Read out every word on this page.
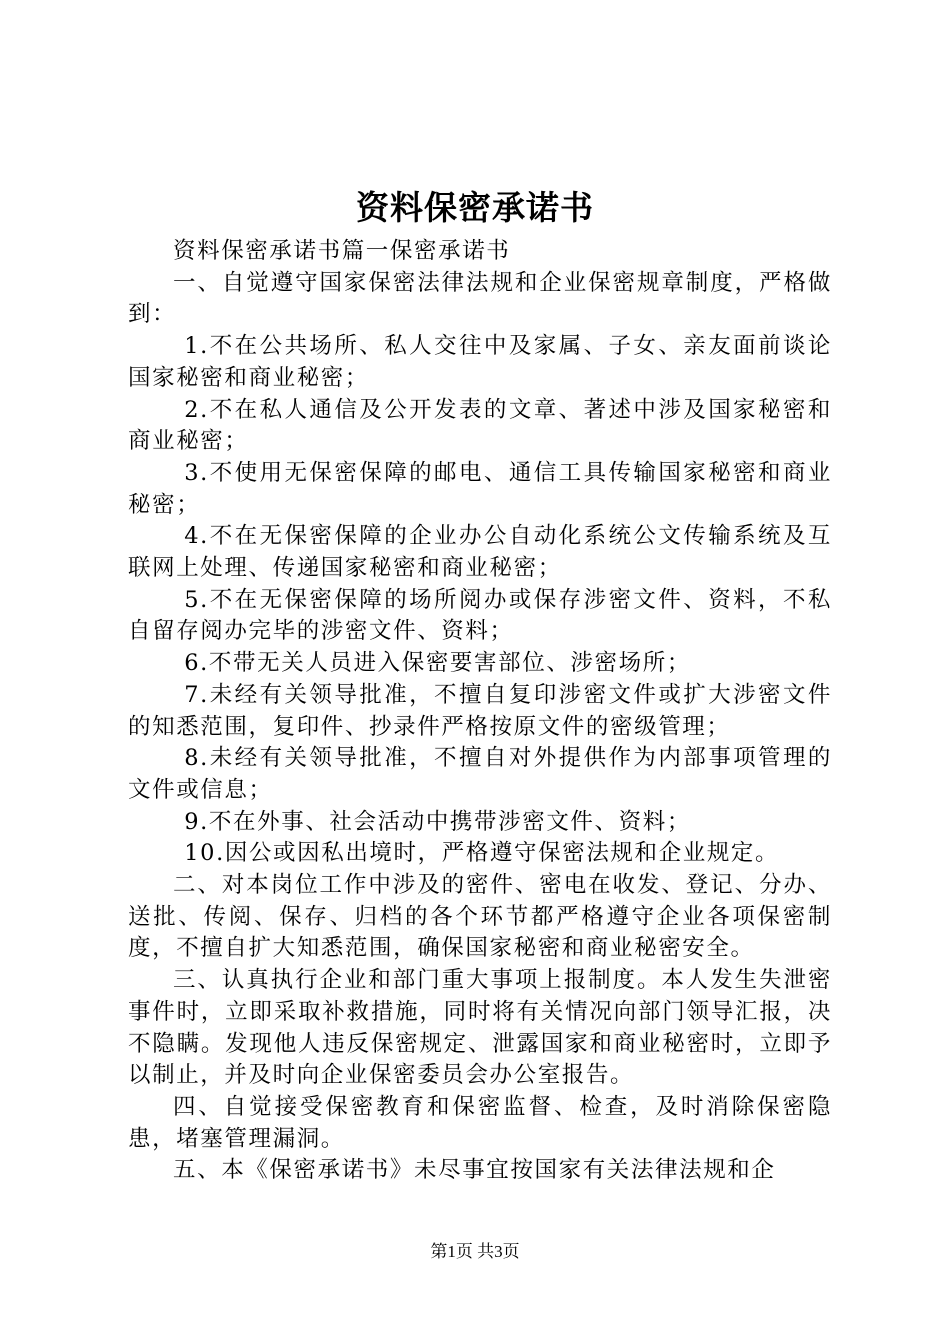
资料保密承诺书

资料保密承诺书篇一保密承诺书

一、自觉遵守国家保密法律法规和企业保密规章制度，严格做到：

1.不在公共场所、私人交往中及家属、子女、亲友面前谈论国家秘密和商业秘密；

2.不在私人通信及公开发表的文章、著述中涉及国家秘密和商业秘密；

3.不使用无保密保障的邮电、通信工具传输国家秘密和商业秘密；

4.不在无保密保障的企业办公自动化系统公文传输系统及互联网上处理、传递国家秘密和商业秘密；

5.不在无保密保障的场所阅办或保存涉密文件、资料，不私自留存阅办完毕的涉密文件、资料；

6.不带无关人员进入保密要害部位、涉密场所；

7.未经有关领导批准，不擅自复印涉密文件或扩大涉密文件的知悉范围，复印件、抄录件严格按原文件的密级管理；

8.未经有关领导批准，不擅自对外提供作为内部事项管理的文件或信息；

9.不在外事、社会活动中携带涉密文件、资料；

10.因公或因私出境时，严格遵守保密法规和企业规定。

二、对本岗位工作中涉及的密件、密电在收发、登记、分办、送批、传阅、保存、归档的各个环节都严格遵守企业各项保密制度，不擅自扩大知悉范围，确保国家秘密和商业秘密安全。

三、认真执行企业和部门重大事项上报制度。本人发生失泄密事件时，立即采取补救措施，同时将有关情况向部门领导汇报，决不隐瞒。发现他人违反保密规定、泄露国家和商业秘密时，立即予以制止，并及时向企业保密委员会办公室报告。

四、自觉接受保密教育和保密监督、检查，及时消除保密隐患，堵塞管理漏洞。

五、本《保密承诺书》未尽事宜按国家有关法律法规和企

第1页 共3页
